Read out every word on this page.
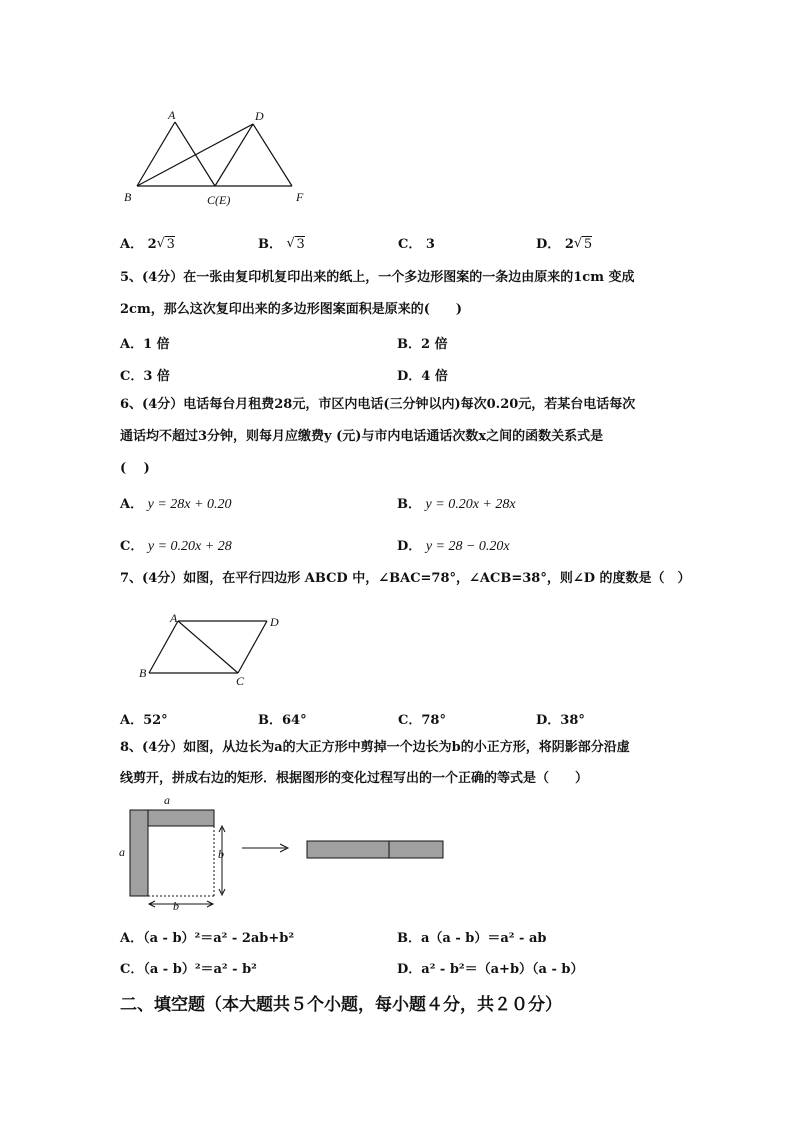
A	D
B	C(E)	F
A． 2 √ 3	B． √ 3	C． 3	D． 2 √ 5
5、(4分）在一张由复印机复印出来的纸上，一个多边形图案的一条边由原来的1cm 变成
2cm，那么这次复印出来的多边形图案面积是原来的(　　)
A．1 倍	B．2 倍
C．3 倍	D．4 倍
6、(4分）电话每台月租费28元，市区内电话(三分钟以内)每次0.20元，若某台电话每次
通话均不超过3分钟，则每月应缴费y (元)与市内电话通话次数x之间的函数关系式是
(　 )
A． y = 28x + 0.20	B． y = 0.20x + 28x
C． y = 0.20x + 28	D． y = 28 − 0.20x
7、(4分）如图，在平行四边形 ABCD 中，∠BAC=78°，∠ACB=38°，则∠D 的度数是（　）
A	D
B
C
A．52°	B．64°	C．78°	D．38°
8、(4分）如图，从边长为a的大正方形中剪掉一个边长为b的小正方形，将阴影部分沿虚
线剪开，拼成右边的矩形．根据图形的变化过程写出的一个正确的等式是（　　）
a
a	b
b
A．（a - b）²＝a² - 2ab+b²	B．a（a - b）＝a² - ab
C．（a - b）²＝a² - b²	D．a² - b²＝（a+b）（a - b）
二、填空题（本大题共５个小题，每小题４分，共２０分）
